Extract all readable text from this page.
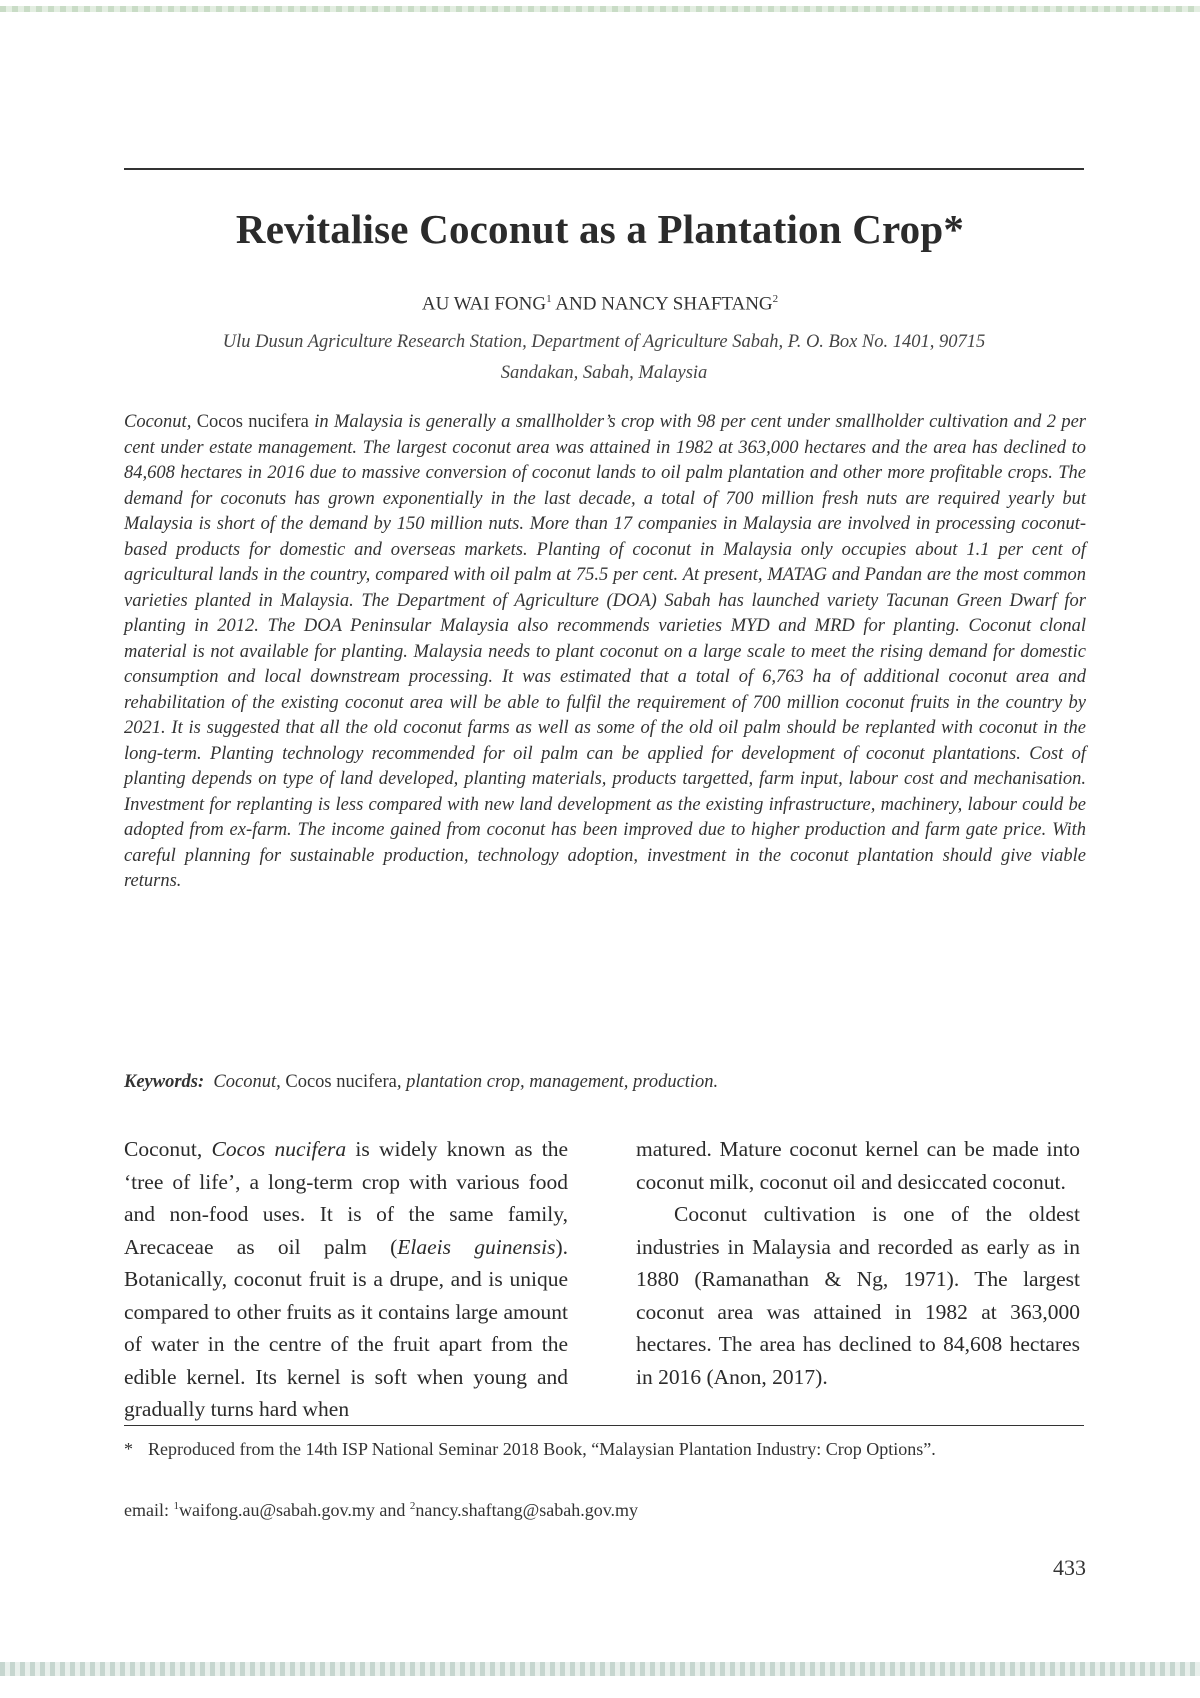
Revitalise Coconut as a Plantation Crop*
AU WAI FONG$^1$ AND NANCY SHAFTANG$^2$
Ulu Dusun Agriculture Research Station, Department of Agriculture Sabah, P. O. Box No. 1401, 90715
Sandakan, Sabah, Malaysia
Coconut, Cocos nucifera in Malaysia is generally a smallholder’s crop with 98 per cent under smallholder cultivation and 2 per cent under estate management. The largest coconut area was attained in 1982 at 363,000 hectares and the area has declined to 84,608 hectares in 2016 due to massive conversion of coconut lands to oil palm plantation and other more profitable crops. The demand for coconuts has grown exponentially in the last decade, a total of 700 million fresh nuts are required yearly but Malaysia is short of the demand by 150 million nuts. More than 17 companies in Malaysia are involved in processing coconut-based products for domestic and overseas markets. Planting of coconut in Malaysia only occupies about 1.1 per cent of agricultural lands in the country, compared with oil palm at 75.5 per cent. At present, MATAG and Pandan are the most common varieties planted in Malaysia. The Department of Agriculture (DOA) Sabah has launched variety Tacunan Green Dwarf for planting in 2012. The DOA Peninsular Malaysia also recommends varieties MYD and MRD for planting. Coconut clonal material is not available for planting. Malaysia needs to plant coconut on a large scale to meet the rising demand for domestic consumption and local downstream processing. It was estimated that a total of 6,763 ha of additional coconut area and rehabilitation of the existing coconut area will be able to fulfil the requirement of 700 million coconut fruits in the country by 2021. It is suggested that all the old coconut farms as well as some of the old oil palm should be replanted with coconut in the long-term. Planting technology recommended for oil palm can be applied for development of coconut plantations. Cost of planting depends on type of land developed, planting materials, products targetted, farm input, labour cost and mechanisation. Investment for replanting is less compared with new land development as the existing infrastructure, machinery, labour could be adopted from ex-farm. The income gained from coconut has been improved due to higher production and farm gate price. With careful planning for sustainable production, technology adoption, investment in the coconut plantation should give viable returns.
Keywords: Coconut, Cocos nucifera, plantation crop, management, production.

Coconut, Cocos nucifera is widely known as the ‘tree of life’, a long-term crop with various food and non-food uses. It is of the same family, Arecaceae as oil palm (Elaeis guinensis). Botanically, coconut fruit is a drupe, and is unique compared to other fruits as it contains large amount of water in the centre of the fruit apart from the edible kernel. Its kernel is soft when young and gradually turns hard when

matured. Mature coconut kernel can be made into coconut milk, coconut oil and desiccated coconut.

Coconut cultivation is one of the oldest industries in Malaysia and recorded as early as in 1880 (Ramanathan & Ng, 1971). The largest coconut area was attained in 1982 at 363,000 hectares. The area has declined to 84,608 hectares in 2016 (Anon, 2017).

* Reproduced from the 14th ISP National Seminar 2018 Book, “Malaysian Plantation Industry: Crop Options”.
email: $^1$waifong.au@sabah.gov.my and $^2$nancy.shaftang@sabah.gov.my
433
